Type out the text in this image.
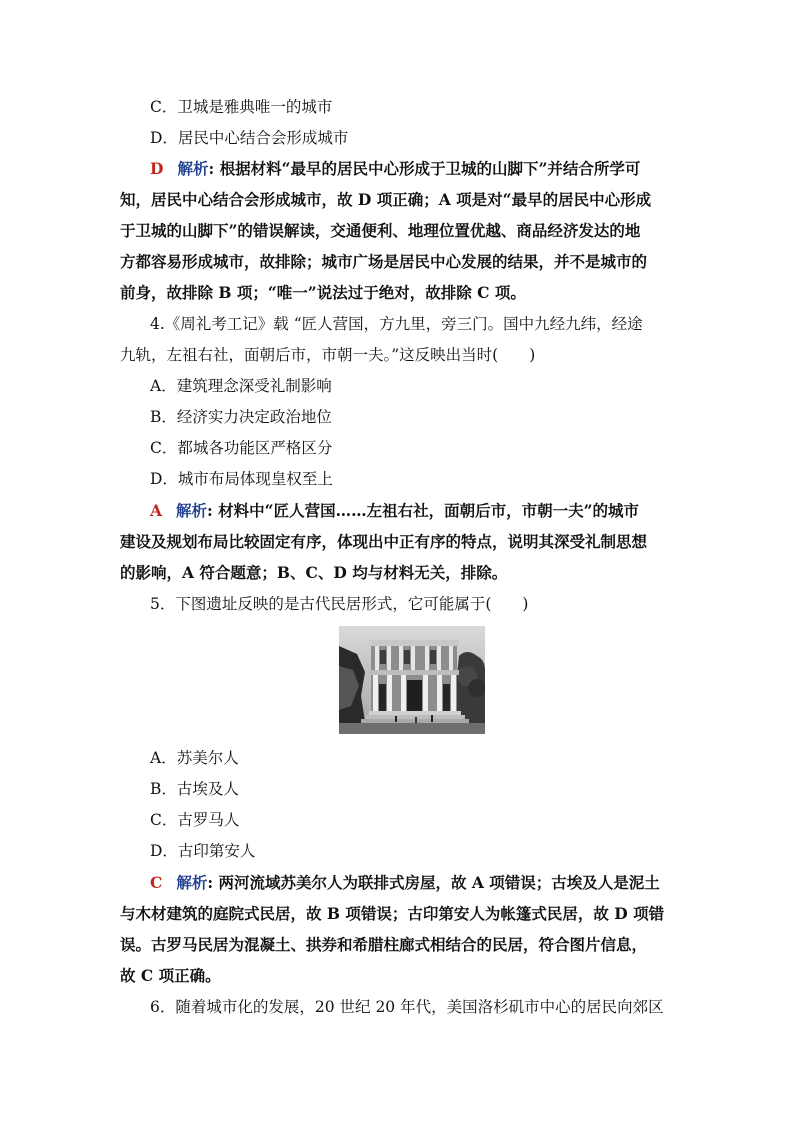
C．卫城是雅典唯一的城市
D．居民中心结合会形成城市
D 解析: 根据材料“最早的居民中心形成于卫城的山脚下”并结合所学可
知，居民中心结合会形成城市，故 D 项正确；A 项是对“最早的居民中心形成
于卫城的山脚下”的错误解读，交通便利、地理位置优越、商品经济发达的地
方都容易形成城市，故排除；城市广场是居民中心发展的结果，并不是城市的
前身，故排除 B 项；“唯一”说法过于绝对，故排除 C 项。
4.《周礼考工记》载 “匠人营国，方九里，旁三门。国中九经九纬，经途
九轨，左祖右社，面朝后市，市朝一夫。”这反映出当时(　　)
A．建筑理念深受礼制影响
B．经济实力决定政治地位
C．都城各功能区严格区分
D．城市布局体现皇权至上
A 解析: 材料中“匠人营国……左祖右社，面朝后市，市朝一夫”的城市
建设及规划布局比较固定有序，体现出中正有序的特点，说明其深受礼制思想
的影响，A 符合题意；B、C、D 均与材料无关，排除。
5．下图遗址反映的是古代民居形式，它可能属于(　　)
A．苏美尔人
B．古埃及人
C．古罗马人
D．古印第安人
C 解析: 两河流域苏美尔人为联排式房屋，故 A 项错误；古埃及人是泥土
与木材建筑的庭院式民居，故 B 项错误；古印第安人为帐篷式民居，故 D 项错
误。古罗马民居为混凝土、拱券和希腊柱廊式相结合的民居，符合图片信息，
故 C 项正确。
6．随着城市化的发展，20 世纪 20 年代，美国洛杉矶市中心的居民向郊区
